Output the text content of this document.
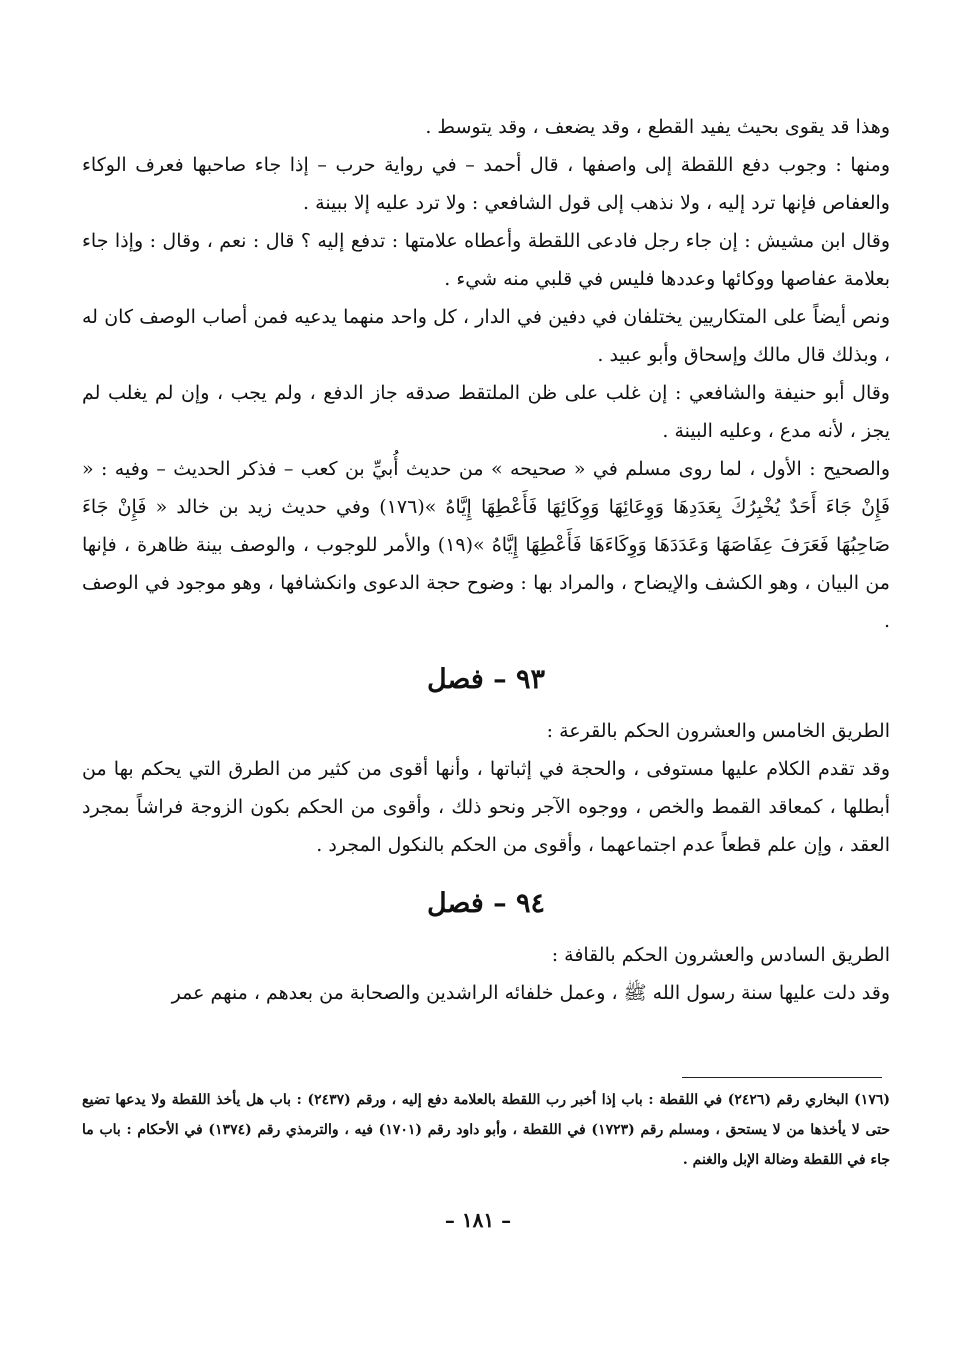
وهذا قد يقوى بحيث يفيد القطع ، وقد يضعف ، وقد يتوسط .

ومنها : وجوب دفع اللقطة إلى واصفها ، قال أحمد – في رواية حرب – إذا جاء صاحبها فعرف الوكاء والعفاص فإنها ترد إليه ، ولا نذهب إلى قول الشافعي : ولا ترد عليه إلا ببينة .

وقال ابن مشيش : إن جاء رجل فادعى اللقطة وأعطاه علامتها : تدفع إليه ؟ قال : نعم ، وقال : وإذا جاء بعلامة عفاصها ووكائها وعددها فليس في قلبي منه شيء .

ونص أيضاً على المتكاريين يختلفان في دفين في الدار ، كل واحد منهما يدعيه فمن أصاب الوصف كان له ، وبذلك قال مالك وإسحاق وأبو عبيد .

وقال أبو حنيفة والشافعي : إن غلب على ظن الملتقط صدقه جاز الدفع ، ولم يجب ، وإن لم يغلب لم يجز ، لأنه مدع ، وعليه البينة .

والصحيح : الأول ، لما روى مسلم في « صحيحه » من حديث أُبيِّ بن كعب – فذكر الحديث – وفيه : « فَإِنْ جَاءَ أَحَدٌ يُخْبِرُكَ بِعَدَدِهَا وَوِعَائِهَا وَوِكَائِهَا فَأَعْطِهَا إِيَّاهُ »(١٧٦) وفي حديث زيد بن خالد « فَإِنْ جَاءَ صَاحِبُهَا فَعَرَفَ عِفَاصَهَا وَعَدَدَهَا وَوِكَاءَهَا فَأَعْطِهَا إِيَّاهُ »(١٩) والأمر للوجوب ، والوصف بينة ظاهرة ، فإنها من البيان ، وهو الكشف والإيضاح ، والمراد بها : وضوح حجة الدعوى وانكشافها ، وهو موجود في الوصف .

٩٣ – فصل

الطريق الخامس والعشرون الحكم بالقرعة :

وقد تقدم الكلام عليها مستوفى ، والحجة في إثباتها ، وأنها أقوى من كثير من الطرق التي يحكم بها من أبطلها ، كمعاقد القمط والخص ، ووجوه الآجر ونحو ذلك ، وأقوى من الحكم بكون الزوجة فراشاً بمجرد العقد ، وإن علم قطعاً عدم اجتماعهما ، وأقوى من الحكم بالنكول المجرد .

٩٤ – فصل

الطريق السادس والعشرون الحكم بالقافة :

وقد دلت عليها سنة رسول الله ﷺ ، وعمل خلفائه الراشدين والصحابة من بعدهم ، منهم عمر

(١٧٦) البخاري رقم (٢٤٢٦) في اللقطة : باب إذا أخبر رب اللقطة بالعلامة دفع إليه ، ورقم (٢٤٣٧) : باب هل يأخذ اللقطة ولا يدعها تضيع حتى لا يأخذها من لا يستحق ، ومسلم رقم (١٧٢٣) في اللقطة ، وأبو داود رقم (١٧٠١) فيه ، والترمذي رقم (١٣٧٤) في الأحكام : باب ما جاء في اللقطة وضالة الإبل والغنم .

– ١٨١ –
